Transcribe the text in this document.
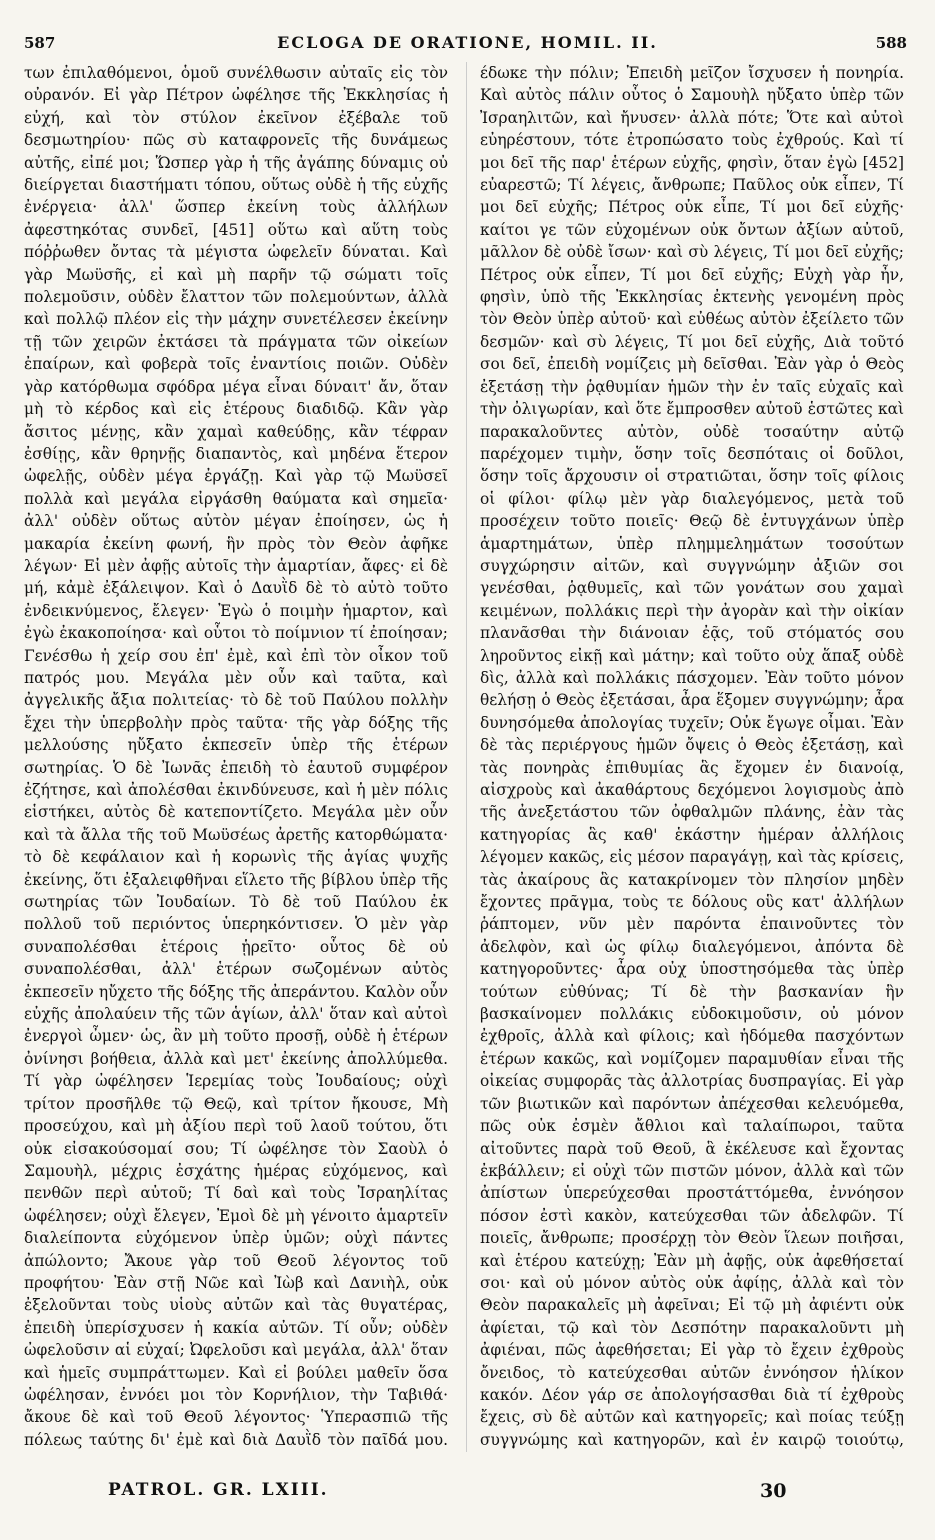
587	ECLOGA DE ORATIONE, HOMIL. II.	588

των ἐπιλαθόμενοι, ὁμοῦ συνέλθωσιν αὐταῖς εἰς τὸν οὐρανόν. Εἰ γὰρ Πέτρον ὠφέλησε τῆς Ἐκκλησίας ἡ εὐχή, καὶ τὸν στύλον ἐκεῖνον ἐξέβαλε τοῦ δεσμωτηρίου· πῶς σὺ καταφρονεῖς τῆς δυνάμεως αὐτῆς, εἰπέ μοι; Ὥσπερ γὰρ ἡ τῆς ἀγάπης δύναμις οὐ διείργεται διαστήματι τόπου, οὕτως οὐδὲ ἡ τῆς εὐχῆς ἐνέργεια· ἀλλ' ὥσπερ ἐκείνη τοὺς ἀλλήλων ἀφεστηκότας συνδεῖ, [451] οὕτω καὶ αὕτη τοὺς πόῤῥωθεν ὄντας τὰ μέγιστα ὠφελεῖν δύναται. Καὶ γὰρ Μωϋσῆς, εἰ καὶ μὴ παρῆν τῷ σώματι τοῖς πολεμοῦσιν, οὐδὲν ἔλαττον τῶν πολεμούντων, ἀλλὰ καὶ πολλῷ πλέον εἰς τὴν μάχην συνετέλεσεν ἐκείνην τῇ τῶν χειρῶν ἐκτάσει τὰ πράγματα τῶν οἰκείων ἐπαίρων, καὶ φοβερὰ τοῖς ἐναντίοις ποιῶν. Οὐδὲν γὰρ κατόρθωμα σφόδρα μέγα εἶναι δύναιτ' ἄν, ὅταν μὴ τὸ κέρδος καὶ εἰς ἑτέρους διαδιδῷ. Κἂν γὰρ ἄσιτος μένῃς, κἂν χαμαὶ καθεύδῃς, κἂν τέφραν ἐσθίῃς, κἂν θρηνῇς διαπαντὸς, καὶ μηδένα ἕτερον ὠφελῇς, οὐδὲν μέγα ἐργάζῃ. Καὶ γὰρ τῷ Μωϋσεῖ πολλὰ καὶ μεγάλα εἰργάσθη θαύματα καὶ σημεῖα· ἀλλ' οὐδὲν οὕτως αὐτὸν μέγαν ἐποίησεν, ὡς ἡ μακαρία ἐκείνη φωνή, ἣν πρὸς τὸν Θεὸν ἀφῆκε λέγων· Εἰ μὲν ἀφῇς αὐτοῖς τὴν ἁμαρτίαν, ἄφες· εἰ δὲ μή, κἀμὲ ἐξάλειψον. Καὶ ὁ Δαυῒδ δὲ τὸ αὐτὸ τοῦτο ἐνδεικνύμενος, ἔλεγεν· Ἐγὼ ὁ ποιμὴν ἡμαρτον, καὶ ἐγὼ ἐκακοποίησα· καὶ οὗτοι τὸ ποίμνιον τί ἐποίησαν; Γενέσθω ἡ χείρ σου ἐπ' ἐμὲ, καὶ ἐπὶ τὸν οἶκον τοῦ πατρός μου. Μεγάλα μὲν οὖν καὶ ταῦτα, καὶ ἀγγελικῆς ἄξια πολιτείας· τὸ δὲ τοῦ Παύλου πολλὴν ἔχει τὴν ὑπερβολὴν πρὸς ταῦτα· τῆς γὰρ δόξης τῆς μελλούσης ηὔξατο ἐκπεσεῖν ὑπὲρ τῆς ἑτέρων σωτηρίας. Ὁ δὲ Ἰωνᾶς ἐπειδὴ τὸ ἑαυτοῦ συμφέρον ἐζήτησε, καὶ ἀπολέσθαι ἐκινδύνευσε, καὶ ἡ μὲν πόλις εἱστήκει, αὐτὸς δὲ κατεποντίζετο. Μεγάλα μὲν οὖν καὶ τὰ ἄλλα τῆς τοῦ Μωϋσέως ἀρετῆς κατορθώματα· τὸ δὲ κεφάλαιον καὶ ἡ κορωνὶς τῆς ἁγίας ψυχῆς ἐκείνης, ὅτι ἐξαλειφθῆναι εἵλετο τῆς βίβλου ὑπὲρ τῆς σωτηρίας τῶν Ἰουδαίων. Τὸ δὲ τοῦ Παύλου ἐκ πολλοῦ τοῦ περιόντος ὑπερηκόντισεν. Ὁ μὲν γὰρ συναπολέσθαι ἑτέροις ᾑρεῖτο· οὗτος δὲ οὐ συναπολέσθαι, ἀλλ' ἑτέρων σωζομένων αὐτὸς ἐκπεσεῖν ηὔχετο τῆς δόξης τῆς ἀπεράντου. Καλὸν οὖν εὐχῆς ἀπολαύειν τῆς τῶν ἁγίων, ἀλλ' ὅταν καὶ αὐτοὶ ἐνεργοὶ ὦμεν· ὡς, ἂν μὴ τοῦτο προσῇ, οὐδὲ ἡ ἑτέρων ὀνίνησι βοήθεια, ἀλλὰ καὶ μετ' ἐκείνης ἀπολλύμεθα. Τί γὰρ ὠφέλησεν Ἱερεμίας τοὺς Ἰουδαίους; οὐχὶ τρίτον προσῆλθε τῷ Θεῷ, καὶ τρίτον ἤκουσε, Μὴ προσεύχου, καὶ μὴ ἀξίου περὶ τοῦ λαοῦ τούτου, ὅτι οὐκ εἰσακούσομαί σου; Τί ὠφέλησε τὸν Σαοὺλ ὁ Σαμουὴλ, μέχρις ἐσχάτης ἡμέρας εὐχόμενος, καὶ πενθῶν περὶ αὐτοῦ; Τί δαὶ καὶ τοὺς Ἰσραηλίτας ὠφέλησεν; οὐχὶ ἔλεγεν, Ἐμοὶ δὲ μὴ γένοιτο ἁμαρτεῖν διαλείποντα εὐχόμενον ὑπὲρ ὑμῶν; οὐχὶ πάντες ἀπώλοντο; Ἄκουε γὰρ τοῦ Θεοῦ λέγοντος τοῦ προφήτου· Ἐὰν στῇ Νῶε καὶ Ἰὼβ καὶ Δανιὴλ, οὐκ ἐξελοῦνται τοὺς υἱοὺς αὐτῶν καὶ τὰς θυγατέρας, ἐπειδὴ ὑπερίσχυσεν ἡ κακία αὐτῶν. Τί οὖν; οὐδὲν ὠφελοῦσιν αἱ εὐχαί; Ὠφελοῦσι καὶ μεγάλα, ἀλλ' ὅταν καὶ ἡμεῖς συμπράττωμεν. Καὶ εἰ βούλει μαθεῖν ὅσα ὠφέλησαν, ἐννόει μοι τὸν Κορνήλιον, τὴν Ταβιθά· ἄκουε δὲ καὶ τοῦ Θεοῦ λέγοντος· Ὑπερασπιῶ τῆς πόλεως ταύτης δι' ἐμὲ καὶ διὰ Δαυῒδ τὸν παῖδά μου.

έδωκε τὴν πόλιν; Ἐπειδὴ μεῖζον ἴσχυσεν ἡ πονηρία. Καὶ αὐτὸς πάλιν οὗτος ὁ Σαμουὴλ ηὔξατο ὑπὲρ τῶν Ἰσραηλιτῶν, καὶ ἤνυσεν· ἀλλὰ πότε; Ὅτε καὶ αὐτοὶ εὐηρέστουν, τότε ἐτροπώσατο τοὺς ἐχθρούς. Καὶ τί μοι δεῖ τῆς παρ' ἑτέρων εὐχῆς, φησὶν, ὅταν ἐγὼ [452] εὐαρεστῶ; Τί λέγεις, ἄνθρωπε; Παῦλος οὐκ εἶπεν, Τί μοι δεῖ εὐχῆς; Πέτρος οὐκ εἶπε, Τί μοι δεῖ εὐχῆς· καίτοι γε τῶν εὐχομένων οὐκ ὄντων ἀξίων αὐτοῦ, μᾶλλον δὲ οὐδὲ ἴσων· καὶ σὺ λέγεις, Τί μοι δεῖ εὐχῆς; Πέτρος οὐκ εἶπεν, Τί μοι δεῖ εὐχῆς; Εὐχὴ γὰρ ἦν, φησὶν, ὑπὸ τῆς Ἐκκλησίας ἐκτενὴς γενομένη πρὸς τὸν Θεὸν ὑπὲρ αὐτοῦ· καὶ εὐθέως αὐτὸν ἐξείλετο τῶν δεσμῶν· καὶ σὺ λέγεις, Τί μοι δεῖ εὐχῆς, Διὰ τοῦτό σοι δεῖ, ἐπειδὴ νομίζεις μὴ δεῖσθαι. Ἐὰν γὰρ ὁ Θεὸς ἐξετάσῃ τὴν ῥᾳθυμίαν ἡμῶν τὴν ἐν ταῖς εὐχαῖς καὶ τὴν ὀλιγωρίαν, καὶ ὅτε ἔμπροσθεν αὐτοῦ ἑστῶτες καὶ παρακαλοῦντες αὐτὸν, οὐδὲ τοσαύτην αὐτῷ παρέχομεν τιμὴν, ὅσην τοῖς δεσπόταις οἱ δοῦλοι, ὅσην τοῖς ἄρχουσιν οἱ στρατιῶται, ὅσην τοῖς φίλοις οἱ φίλοι· φίλῳ μὲν γὰρ διαλεγόμενος, μετὰ τοῦ προσέχειν τοῦτο ποιεῖς· Θεῷ δὲ ἐντυγχάνων ὑπὲρ ἁμαρτημάτων, ὑπὲρ πλημμελημάτων τοσούτων συγχώρησιν αἰτῶν, καὶ συγγνώμην ἀξιῶν σοι γενέσθαι, ῥᾳθυμεῖς, καὶ τῶν γονάτων σου χαμαὶ κειμένων, πολλάκις περὶ τὴν ἀγορὰν καὶ τὴν οἰκίαν πλανᾶσθαι τὴν διάνοιαν ἐᾷς, τοῦ στόματός σου ληροῦντος εἰκῇ καὶ μάτην; καὶ τοῦτο οὐχ ἅπαξ οὐδὲ δὶς, ἀλλὰ καὶ πολλάκις πάσχομεν. Ἐὰν τοῦτο μόνον θελήσῃ ὁ Θεὸς ἐξετάσαι, ἆρα ἕξομεν συγγνώμην; ἆρα δυνησόμεθα ἀπολογίας τυχεῖν; Οὐκ ἔγωγε οἶμαι. Ἐὰν δὲ τὰς περιέργους ἡμῶν ὄψεις ὁ Θεὸς ἐξετάσῃ, καὶ τὰς πονηρὰς ἐπιθυμίας ἃς ἔχομεν ἐν διανοίᾳ, αἰσχροὺς καὶ ἀκαθάρτους δεχόμενοι λογισμοὺς ἀπὸ τῆς ἀνεξετάστου τῶν ὀφθαλμῶν πλάνης, ἐὰν τὰς κατηγορίας ἃς καθ' ἑκάστην ἡμέραν ἀλλήλοις λέγομεν κακῶς, εἰς μέσον παραγάγῃ, καὶ τὰς κρίσεις, τὰς ἀκαίρους ἃς κατακρίνομεν τὸν πλησίον μηδὲν ἔχοντες πρᾶγμα, τοὺς τε δόλους οὓς κατ' ἀλλήλων ῥάπτομεν, νῦν μὲν παρόντα ἐπαινοῦντες τὸν ἀδελφὸν, καὶ ὡς φίλῳ διαλεγόμενοι, ἀπόντα δὲ κατηγοροῦντες· ἆρα οὐχ ὑποστησόμεθα τὰς ὑπὲρ τούτων εὐθύνας; Τί δὲ τὴν βασκανίαν ἣν βασκαίνομεν πολλάκις εὐδοκιμοῦσιν, οὐ μόνον ἐχθροῖς, ἀλλὰ καὶ φίλοις; καὶ ἡδόμεθα πασχόντων ἑτέρων κακῶς, καὶ νομίζομεν παραμυθίαν εἶναι τῆς οἰκείας συμφορᾶς τὰς ἀλλοτρίας δυσπραγίας. Εἰ γὰρ τῶν βιωτικῶν καὶ παρόντων ἀπέχεσθαι κελευόμεθα, πῶς οὐκ ἐσμὲν ἄθλιοι καὶ ταλαίπωροι, ταῦτα αἰτοῦντες παρὰ τοῦ Θεοῦ, ἃ ἐκέλευσε καὶ ἔχοντας ἐκβάλλειν; εἰ οὐχὶ τῶν πιστῶν μόνον, ἀλλὰ καὶ τῶν ἀπίστων ὑπερεύχεσθαι προστάττόμεθα, ἐννόησον πόσον ἐστὶ κακὸν, κατεύχεσθαι τῶν ἀδελφῶν. Τί ποιεῖς, ἄνθρωπε; προσέρχῃ τὸν Θεὸν ἵλεων ποιῆσαι, καὶ ἑτέρου κατεύχῃ; Ἐὰν μὴ ἀφῇς, οὐκ ἀφεθήσεταί σοι· καὶ οὐ μόνον αὐτὸς οὐκ ἀφίῃς, ἀλλὰ καὶ τὸν Θεὸν παρακαλεῖς μὴ ἀφεῖναι; Εἰ τῷ μὴ ἀφιέντι οὐκ ἀφίεται, τῷ καὶ τὸν Δεσπότην παρακαλοῦντι μὴ ἀφιέναι, πῶς ἀφεθήσεται; Εἰ γὰρ τὸ ἔχειν ἐχθροὺς ὄνειδος, τὸ κατεύχεσθαι αὐτῶν ἐννόησον ἡλίκον κακόν. Δέον γάρ σε ἀπολογήσασθαι διὰ τί ἐχθροὺς ἔχεις, σὺ δὲ αὐτῶν καὶ κατηγορεῖς; καὶ ποίας τεύξῃ συγγνώμης καὶ κατηγορῶν, καὶ ἐν καιρῷ τοιούτῳ,

PATROL. GR. LXIII.	30
